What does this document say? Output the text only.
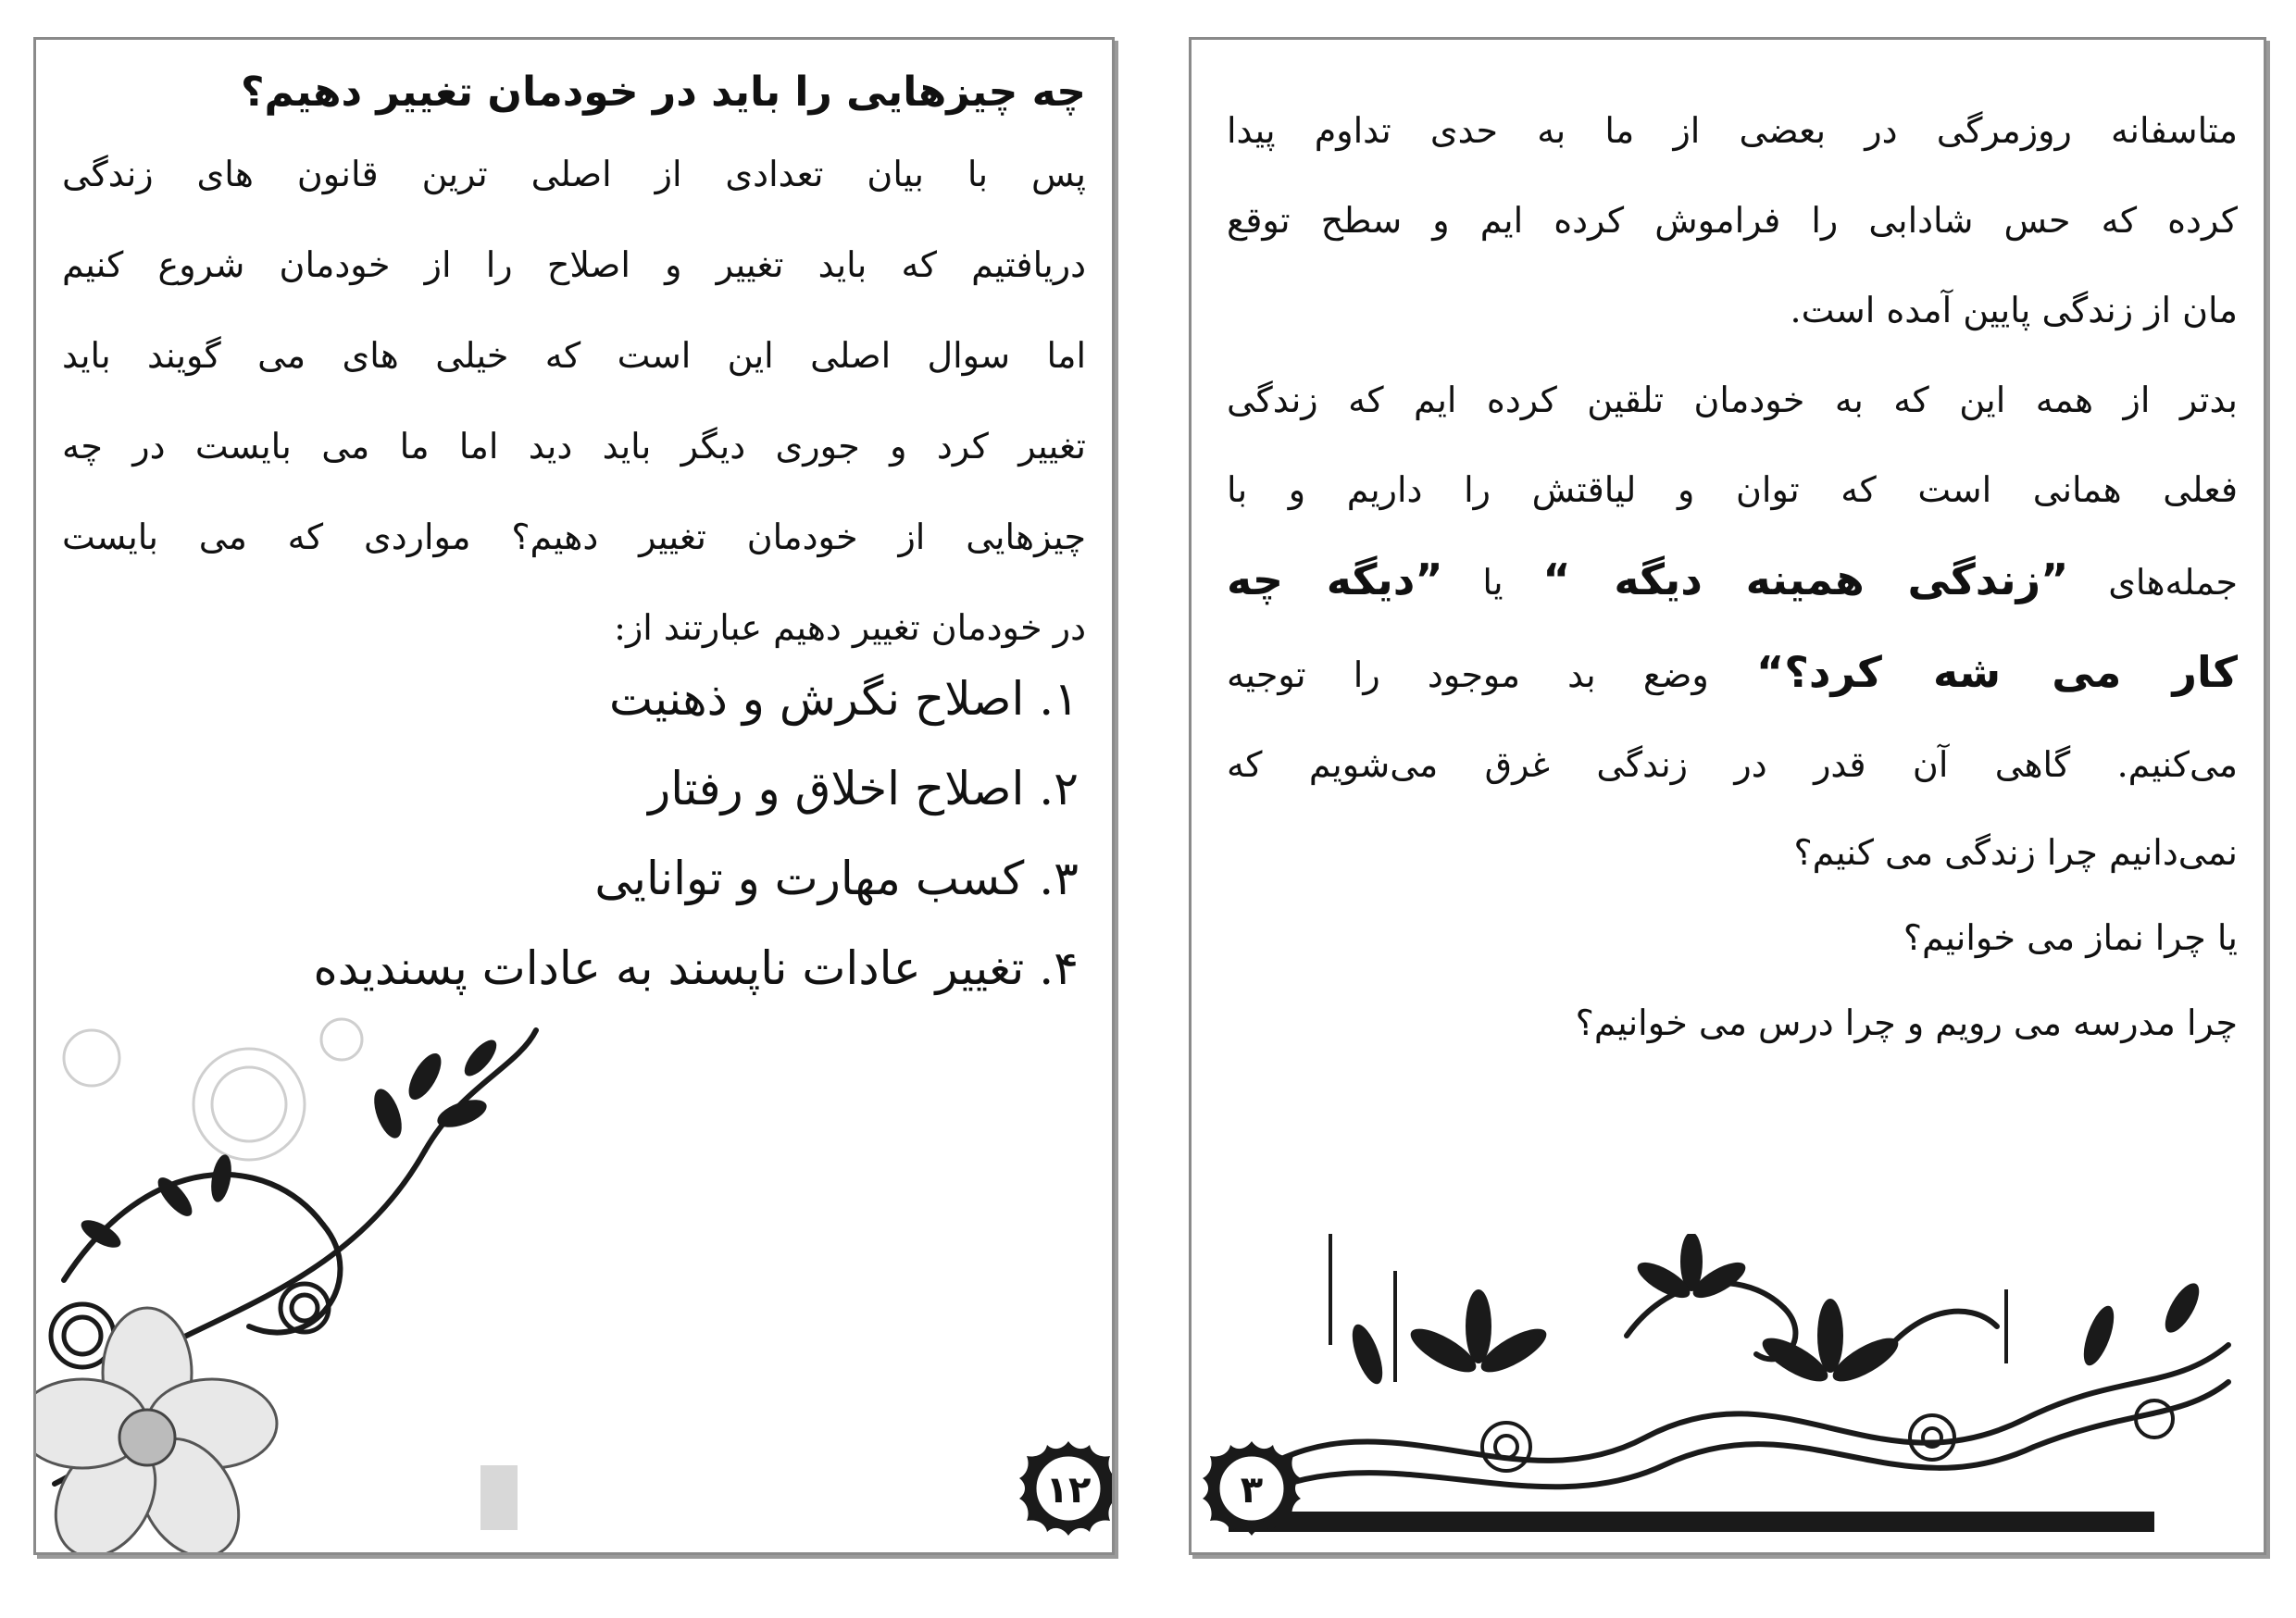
چه چیزهایی را باید در خودمان تغییر دهیم؟
پس با بیان تعدادی از اصلی ترین قانون های زندگی
دریافتیم که باید تغییر و اصلاح را از خودمان شروع کنیم
اما سوال اصلی این است که خیلی های می گویند باید
تغییر کرد و جوری دیگر باید دید اما ما می بایست در چه
چیزهایی از خودمان تغییر دهیم؟ مواردی که می بایست
در خودمان تغییر دهیم عبارتند از:
۱. اصلاح نگرش و ذهنیت
۲. اصلاح اخلاق و رفتار
۳. کسب مهارت و توانایی
۴. تغییر عادات ناپسند به عادات پسندیده
۱۲
متاسفانه روزمرگی در بعضی از ما به حدی تداوم پیدا
کرده که حس شادابی را فراموش کرده ایم و سطح توقع
مان از زندگی پایین آمده است.
بدتر از همه این که به خودمان تلقین کرده ایم که زندگی
فعلی همانی است که توان و لیاقتش را داریم و با
جمله‌های ”زندگی همینه دیگه “ یا ”دیگه چه
کار می شه کرد؟“ وضع بد موجود را توجیه
می‌کنیم. گاهی آن قدر در زندگی غرق می‌شویم که
نمی‌دانیم چرا زندگی می کنیم؟
یا چرا نماز می خوانیم؟
چرا مدرسه می رویم و چرا درس می خوانیم؟
۳
